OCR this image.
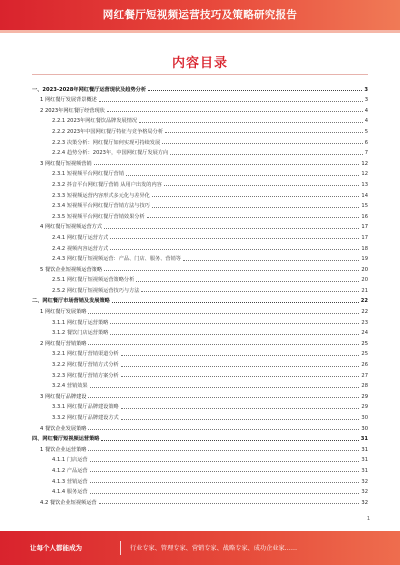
网红餐厅短视频运营技巧及策略研究报告
内容目录
一、2023-2028年网红餐厅运营现状及趋势分析	3
1 网红餐厅发展背景概述	3
2 2023年网红餐厅经营现状	4
2.2.1 2023年网红餐饮品牌发展情况	4
2.2.2 2023年中国网红餐厅特征与竞争格局分析	5
2.2.3 决策分析：网红餐厅如何实现可持续发展	6
2.2.4 趋势分析：2023年，中国网红餐厅发展方向	7
3 网红餐厅短视频营销	12
2.3.1 短视频平台网红餐厅营销	12
2.3.2 抖音平台网红餐厅营销 从用户出发的内容	13
2.3.3 短视频运营内容形式多元化与差异化	14
2.3.4 短视频平台网红餐厅营销方法与技巧	15
2.3.5 短视频平台网红餐厅营销效果分析	16
4 网红餐厅短视频运营方式	17
2.4.1 网红餐厅运营方式	17
2.4.2 视频内容运营方式	18
2.4.3 网红餐厅短视频运营：产品、门店、服务、营销等	19
5 餐饮企业短视频运营策略	20
2.5.1 网红餐厅短视频运营策略分析	20
2.5.2 网红餐厅短视频运营技巧与方法	21
二、网红餐厅市场营销及发展策略	22
1 网红餐厅发展策略	22
3.1.1 网红餐厅运营策略	23
3.1.2 餐饮门店运营策略	24
2 网红餐厅营销策略	25
3.2.1 网红餐厅营销渠道分析	25
3.2.2 网红餐厅营销方式分析	26
3.2.3 网红餐厅营销方案分析	27
3.2.4 营销效果	28
3 网红餐厅品牌建设	29
3.3.1 网红餐厅品牌建设策略	29
3.3.2 网红餐厅品牌建设方式	30
4 餐饮企业发展策略	30
四、网红餐厅短视频运营策略	31
1 餐饮企业运营策略	31
4.1.1 门店运营	31
4.1.2 产品运营	31
4.1.3 营销运营	32
4.1.4 服务运营	32
4.2 餐饮企业短视频运营	32
1
让每个人都能成为	行业专家、管理专家、营销专家、战略专家、成功企业家……
